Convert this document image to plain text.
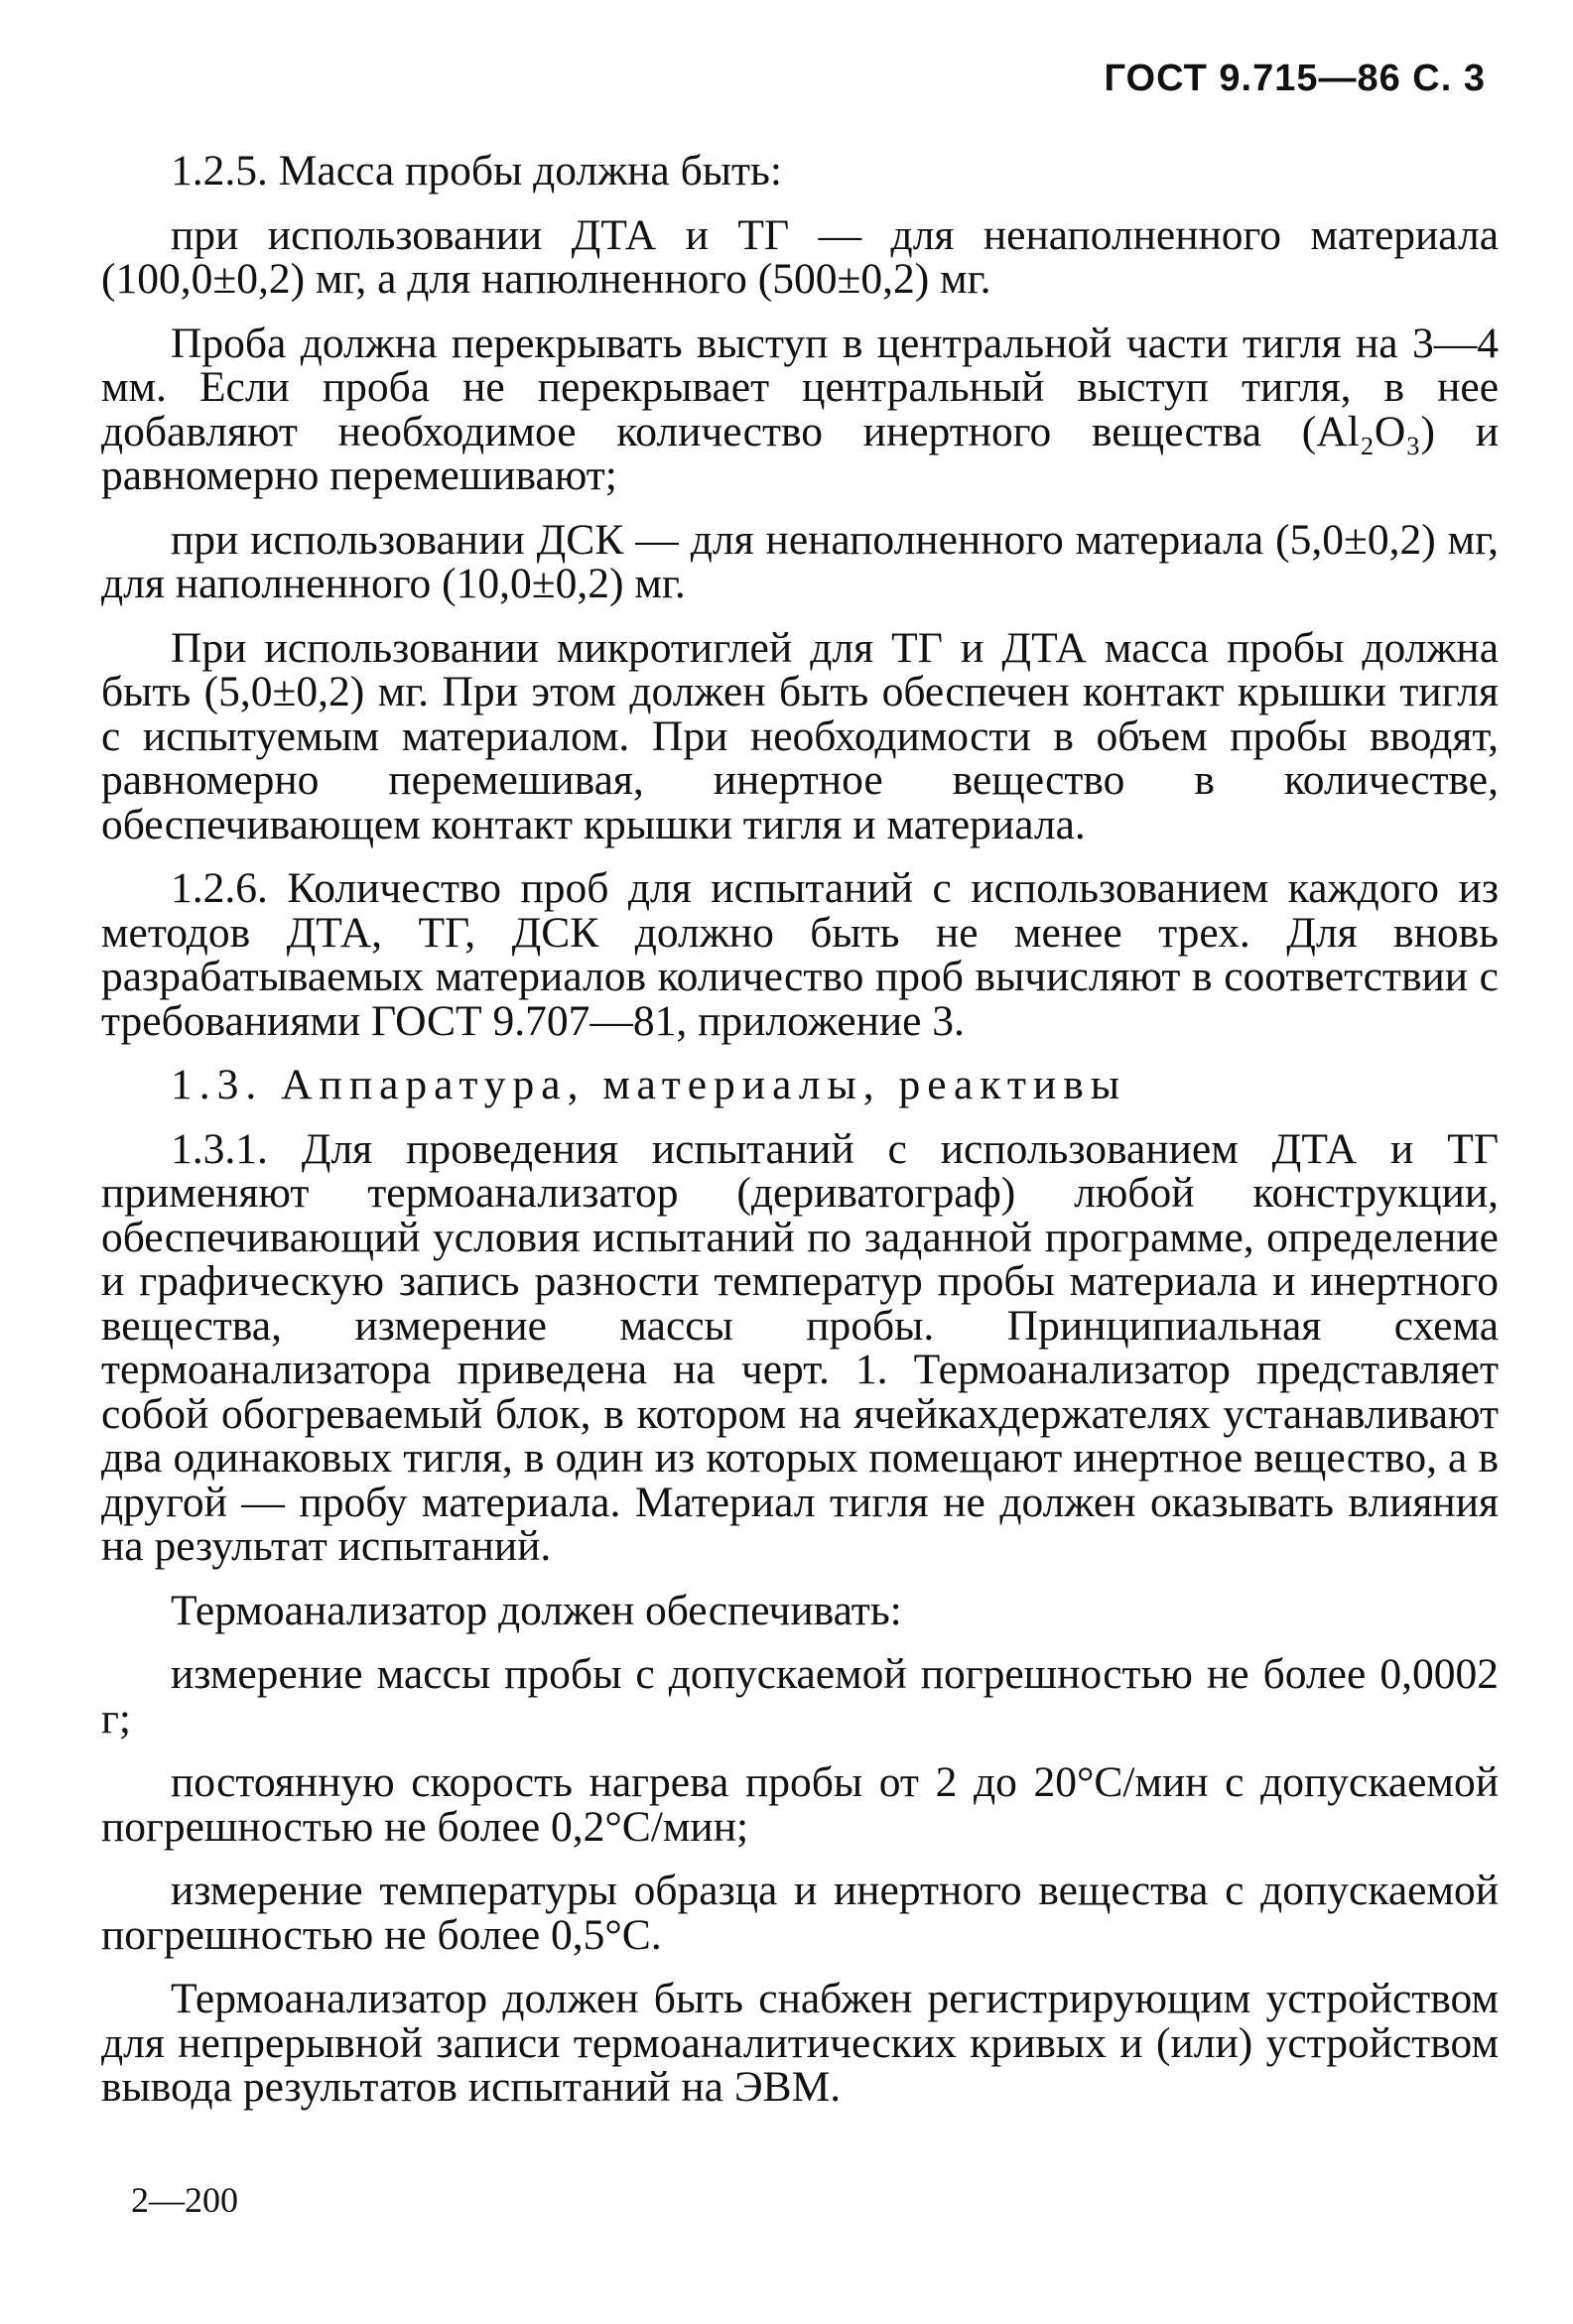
ГОСТ 9.715—86 С. 3

1.2.5. Масса пробы должна быть:

при использовании ДТА и ТГ — для ненаполненного материала (100,0±0,2) мг, а для напюлненного (500±0,2) мг.

Проба должна перекрывать выступ в центральной части тигля на 3—4 мм. Если проба не перекрывает центральный выступ тигля, в нее добавляют необходимое количество инертного вещества (Al₂O₃) и равномерно перемешивают;

при использовании ДСК — для ненаполненного материала (5,0±0,2) мг, для наполненного (10,0±0,2) мг.

При использовании микротиглей для ТГ и ДТА масса пробы должна быть (5,0±0,2) мг. При этом должен быть обеспечен контакт крышки тигля с испытуемым материалом. При необходимости в объем пробы вводят, равномерно перемешивая, инертное вещество в количестве, обеспечивающем контакт крышки тигля и материала.

1.2.6. Количество проб для испытаний с использованием каждого из методов ДТА, ТГ, ДСК должно быть не менее трех. Для вновь разрабатываемых материалов количество проб вычисляют в соответствии с требованиями ГОСТ 9.707—81, приложение 3.

1.3. Аппаратура, материалы, реактивы

1.3.1. Для проведения испытаний с использованием ДТА и ТГ применяют термоанализатор (дериватограф) любой конструкции, обеспечивающий условия испытаний по заданной программе, определение и графическую запись разности температур пробы материала и инертного вещества, измерение массы пробы. Принципиальная схема термоанализатора приведена на черт. 1. Термоанализатор представляет собой обогреваемый блок, в котором на ячейкахдержателях устанавливают два одинаковых тигля, в один из которых помещают инертное вещество, а в другой — пробу материала. Материал тигля не должен оказывать влияния на результат испытаний.

Термоанализатор должен обеспечивать:

измерение массы пробы с допускаемой погрешностью не более 0,0002 г;

постоянную скорость нагрева пробы от 2 до 20°С/мин с допускаемой погрешностью не более 0,2°С/мин;

измерение температуры образца и инертного вещества с допускаемой погрешностью не более 0,5°С.

Термоанализатор должен быть снабжен регистрирующим устройством для непрерывной записи термоаналитических кривых и (или) устройством вывода результатов испытаний на ЭВМ.

2—200
